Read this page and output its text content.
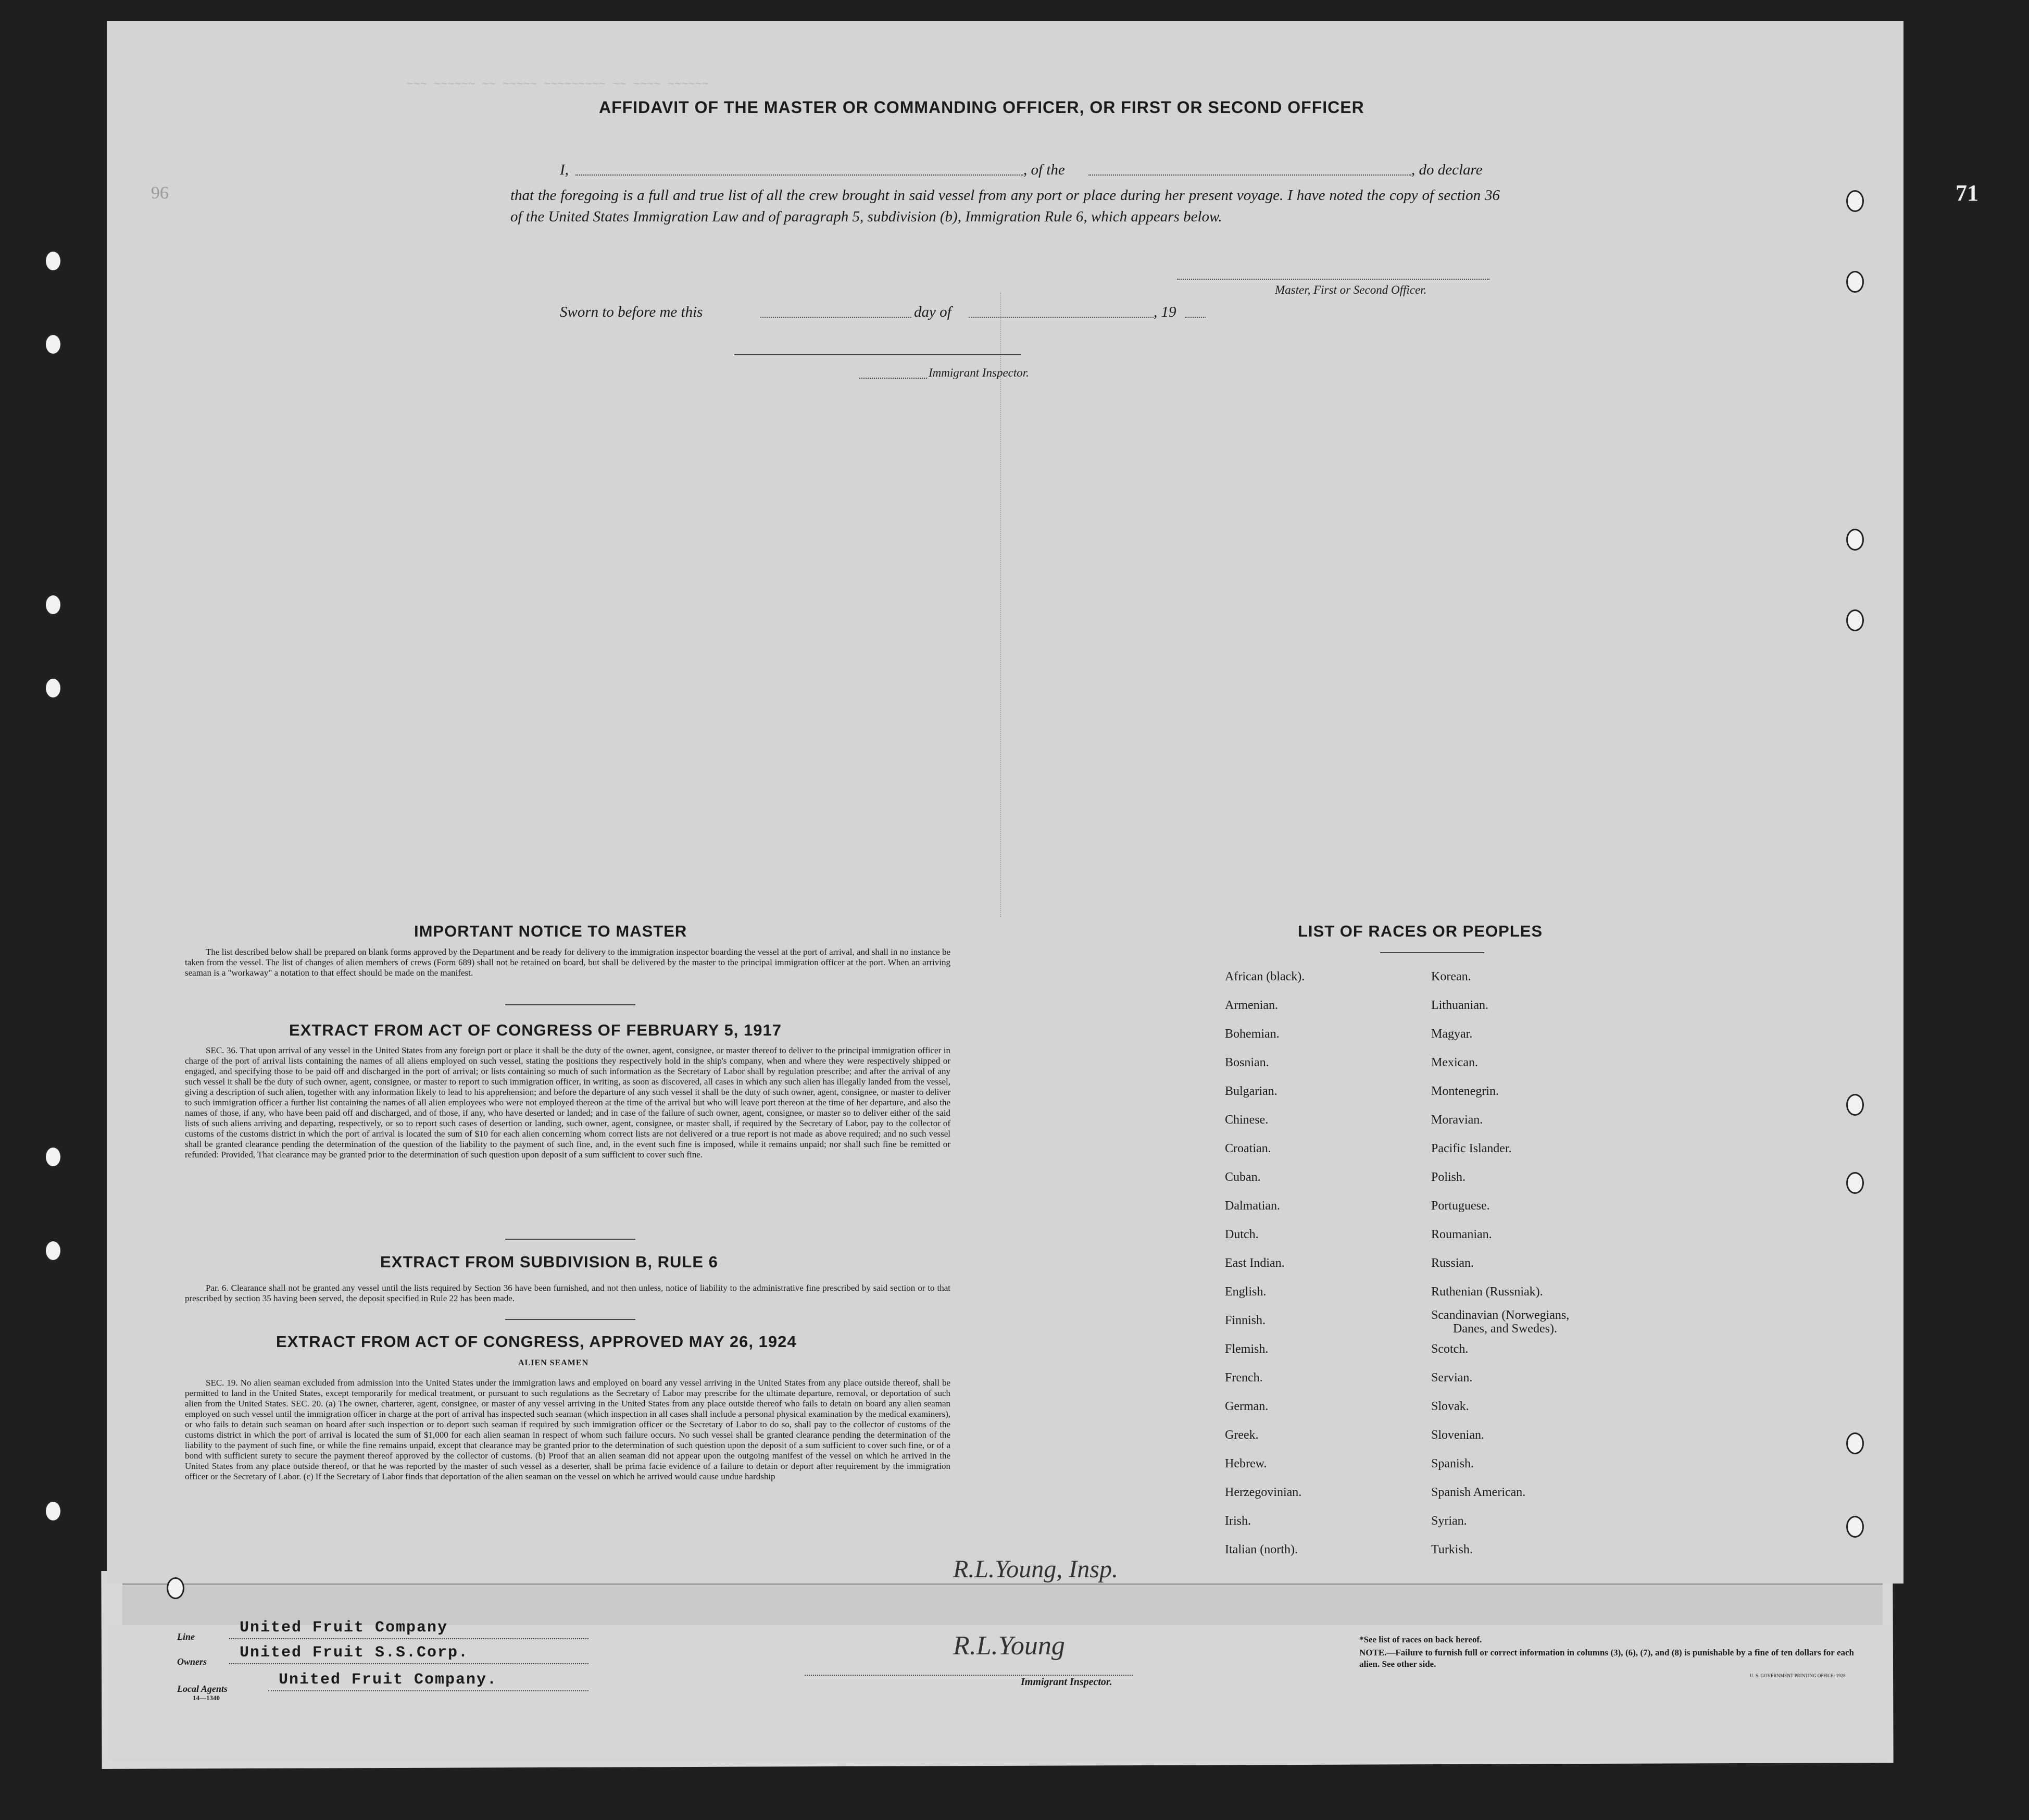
~~~ ~~~~~~ ~~ ~~~~~ ~~~~~~~~~ ~~ ~~~~ ~~~~~~
96	71
AFFIDAVIT OF THE MASTER OR COMMANDING OFFICER, OR FIRST OR SECOND OFFICER
I,	, of the	, do declare
that the foregoing is a full and true list of all the crew brought in said vessel from any port or place during her present voyage. I have noted the copy of section 36 of the United States Immigration Law and of paragraph 5, subdivision (b), Immigration Rule 6, which appears below.
Master, First or Second Officer.
Sworn to before me this	day of	, 19
Immigrant Inspector.
IMPORTANT NOTICE TO MASTER
The list described below shall be prepared on blank forms approved by the Department and be ready for delivery to the immigration inspector boarding the vessel at the port of arrival, and shall in no instance be taken from the vessel. The list of changes of alien members of crews (Form 689) shall not be retained on board, but shall be delivered by the master to the principal immigration officer at the port. When an arriving seaman is a "workaway" a notation to that effect should be made on the manifest.
EXTRACT FROM ACT OF CONGRESS OF FEBRUARY 5, 1917
SEC. 36. That upon arrival of any vessel in the United States from any foreign port or place it shall be the duty of the owner, agent, consignee, or master thereof to deliver to the principal immigration officer in charge of the port of arrival lists containing the names of all aliens employed on such vessel, stating the positions they respectively hold in the ship's company, when and where they were respectively shipped or engaged, and specifying those to be paid off and discharged in the port of arrival; or lists containing so much of such information as the Secretary of Labor shall by regulation prescribe; and after the arrival of any such vessel it shall be the duty of such owner, agent, consignee, or master to report to such immigration officer, in writing, as soon as discovered, all cases in which any such alien has illegally landed from the vessel, giving a description of such alien, together with any information likely to lead to his apprehension; and before the departure of any such vessel it shall be the duty of such owner, agent, consignee, or master to deliver to such immigration officer a further list containing the names of all alien employees who were not employed thereon at the time of the arrival but who will leave port thereon at the time of her departure, and also the names of those, if any, who have been paid off and discharged, and of those, if any, who have deserted or landed; and in case of the failure of such owner, agent, consignee, or master so to deliver either of the said lists of such aliens arriving and departing, respectively, or so to report such cases of desertion or landing, such owner, agent, consignee, or master shall, if required by the Secretary of Labor, pay to the collector of customs of the customs district in which the port of arrival is located the sum of $10 for each alien concerning whom correct lists are not delivered or a true report is not made as above required; and no such vessel shall be granted clearance pending the determination of the question of the liability to the payment of such fine, and, in the event such fine is imposed, while it remains unpaid; nor shall such fine be remitted or refunded: Provided, That clearance may be granted prior to the determination of such question upon deposit of a sum sufficient to cover such fine.
EXTRACT FROM SUBDIVISION B, RULE 6
Par. 6. Clearance shall not be granted any vessel until the lists required by Section 36 have been furnished, and not then unless, notice of liability to the administrative fine prescribed by said section or to that prescribed by section 35 having been served, the deposit specified in Rule 22 has been made.
EXTRACT FROM ACT OF CONGRESS, APPROVED MAY 26, 1924
ALIEN SEAMEN
SEC. 19. No alien seaman excluded from admission into the United States under the immigration laws and employed on board any vessel arriving in the United States from any place outside thereof, shall be permitted to land in the United States, except temporarily for medical treatment, or pursuant to such regulations as the Secretary of Labor may prescribe for the ultimate departure, removal, or deportation of such alien from the United States. SEC. 20. (a) The owner, charterer, agent, consignee, or master of any vessel arriving in the United States from any place outside thereof who fails to detain on board any alien seaman employed on such vessel until the immigration officer in charge at the port of arrival has inspected such seaman (which inspection in all cases shall include a personal physical examination by the medical examiners), or who fails to detain such seaman on board after such inspection or to deport such seaman if required by such immigration officer or the Secretary of Labor to do so, shall pay to the collector of customs of the customs district in which the port of arrival is located the sum of $1,000 for each alien seaman in respect of whom such failure occurs. No such vessel shall be granted clearance pending the determination of the liability to the payment of such fine, or while the fine remains unpaid, except that clearance may be granted prior to the determination of such question upon the deposit of a sum sufficient to cover such fine, or of a bond with sufficient surety to secure the payment thereof approved by the collector of customs. (b) Proof that an alien seaman did not appear upon the outgoing manifest of the vessel on which he arrived in the United States from any place outside thereof, or that he was reported by the master of such vessel as a deserter, shall be prima facie evidence of a failure to detain or deport after requirement by the immigration officer or the Secretary of Labor. (c) If the Secretary of Labor finds that deportation of the alien seaman on the vessel on which he arrived would cause undue hardship
LIST OF RACES OR PEOPLES
African (black).
Armenian.
Bohemian.
Bosnian.
Bulgarian.
Chinese.
Croatian.
Cuban.
Dalmatian.
Dutch.
East Indian.
English.
Finnish.
Flemish.
French.
German.
Greek.
Hebrew.
Herzegovinian.
Irish.
Italian (north).
Korean.
Lithuanian.
Magyar.
Mexican.
Montenegrin.
Moravian.
Pacific Islander.
Polish.
Portuguese.
Roumanian.
Russian.
Ruthenian (Russniak).
Scandinavian (Norwegians,
Danes, and Swedes).
Scotch.
Servian.
Slovak.
Slovenian.
Spanish.
Spanish American.
Syrian.
Turkish.
R.L.Young, Insp.
Line	United Fruit Company
Owners United Fruit S.S.Corp.
Local Agents	United Fruit Company.
14—1340
R.L.Young
Immigrant Inspector.
*See list of races on back hereof.
NOTE.—Failure to furnish full or correct information in columns (3), (6), (7), and (8) is punishable by a fine of ten dollars for each alien. See other side.
U. S. GOVERNMENT PRINTING OFFICE: 1928
